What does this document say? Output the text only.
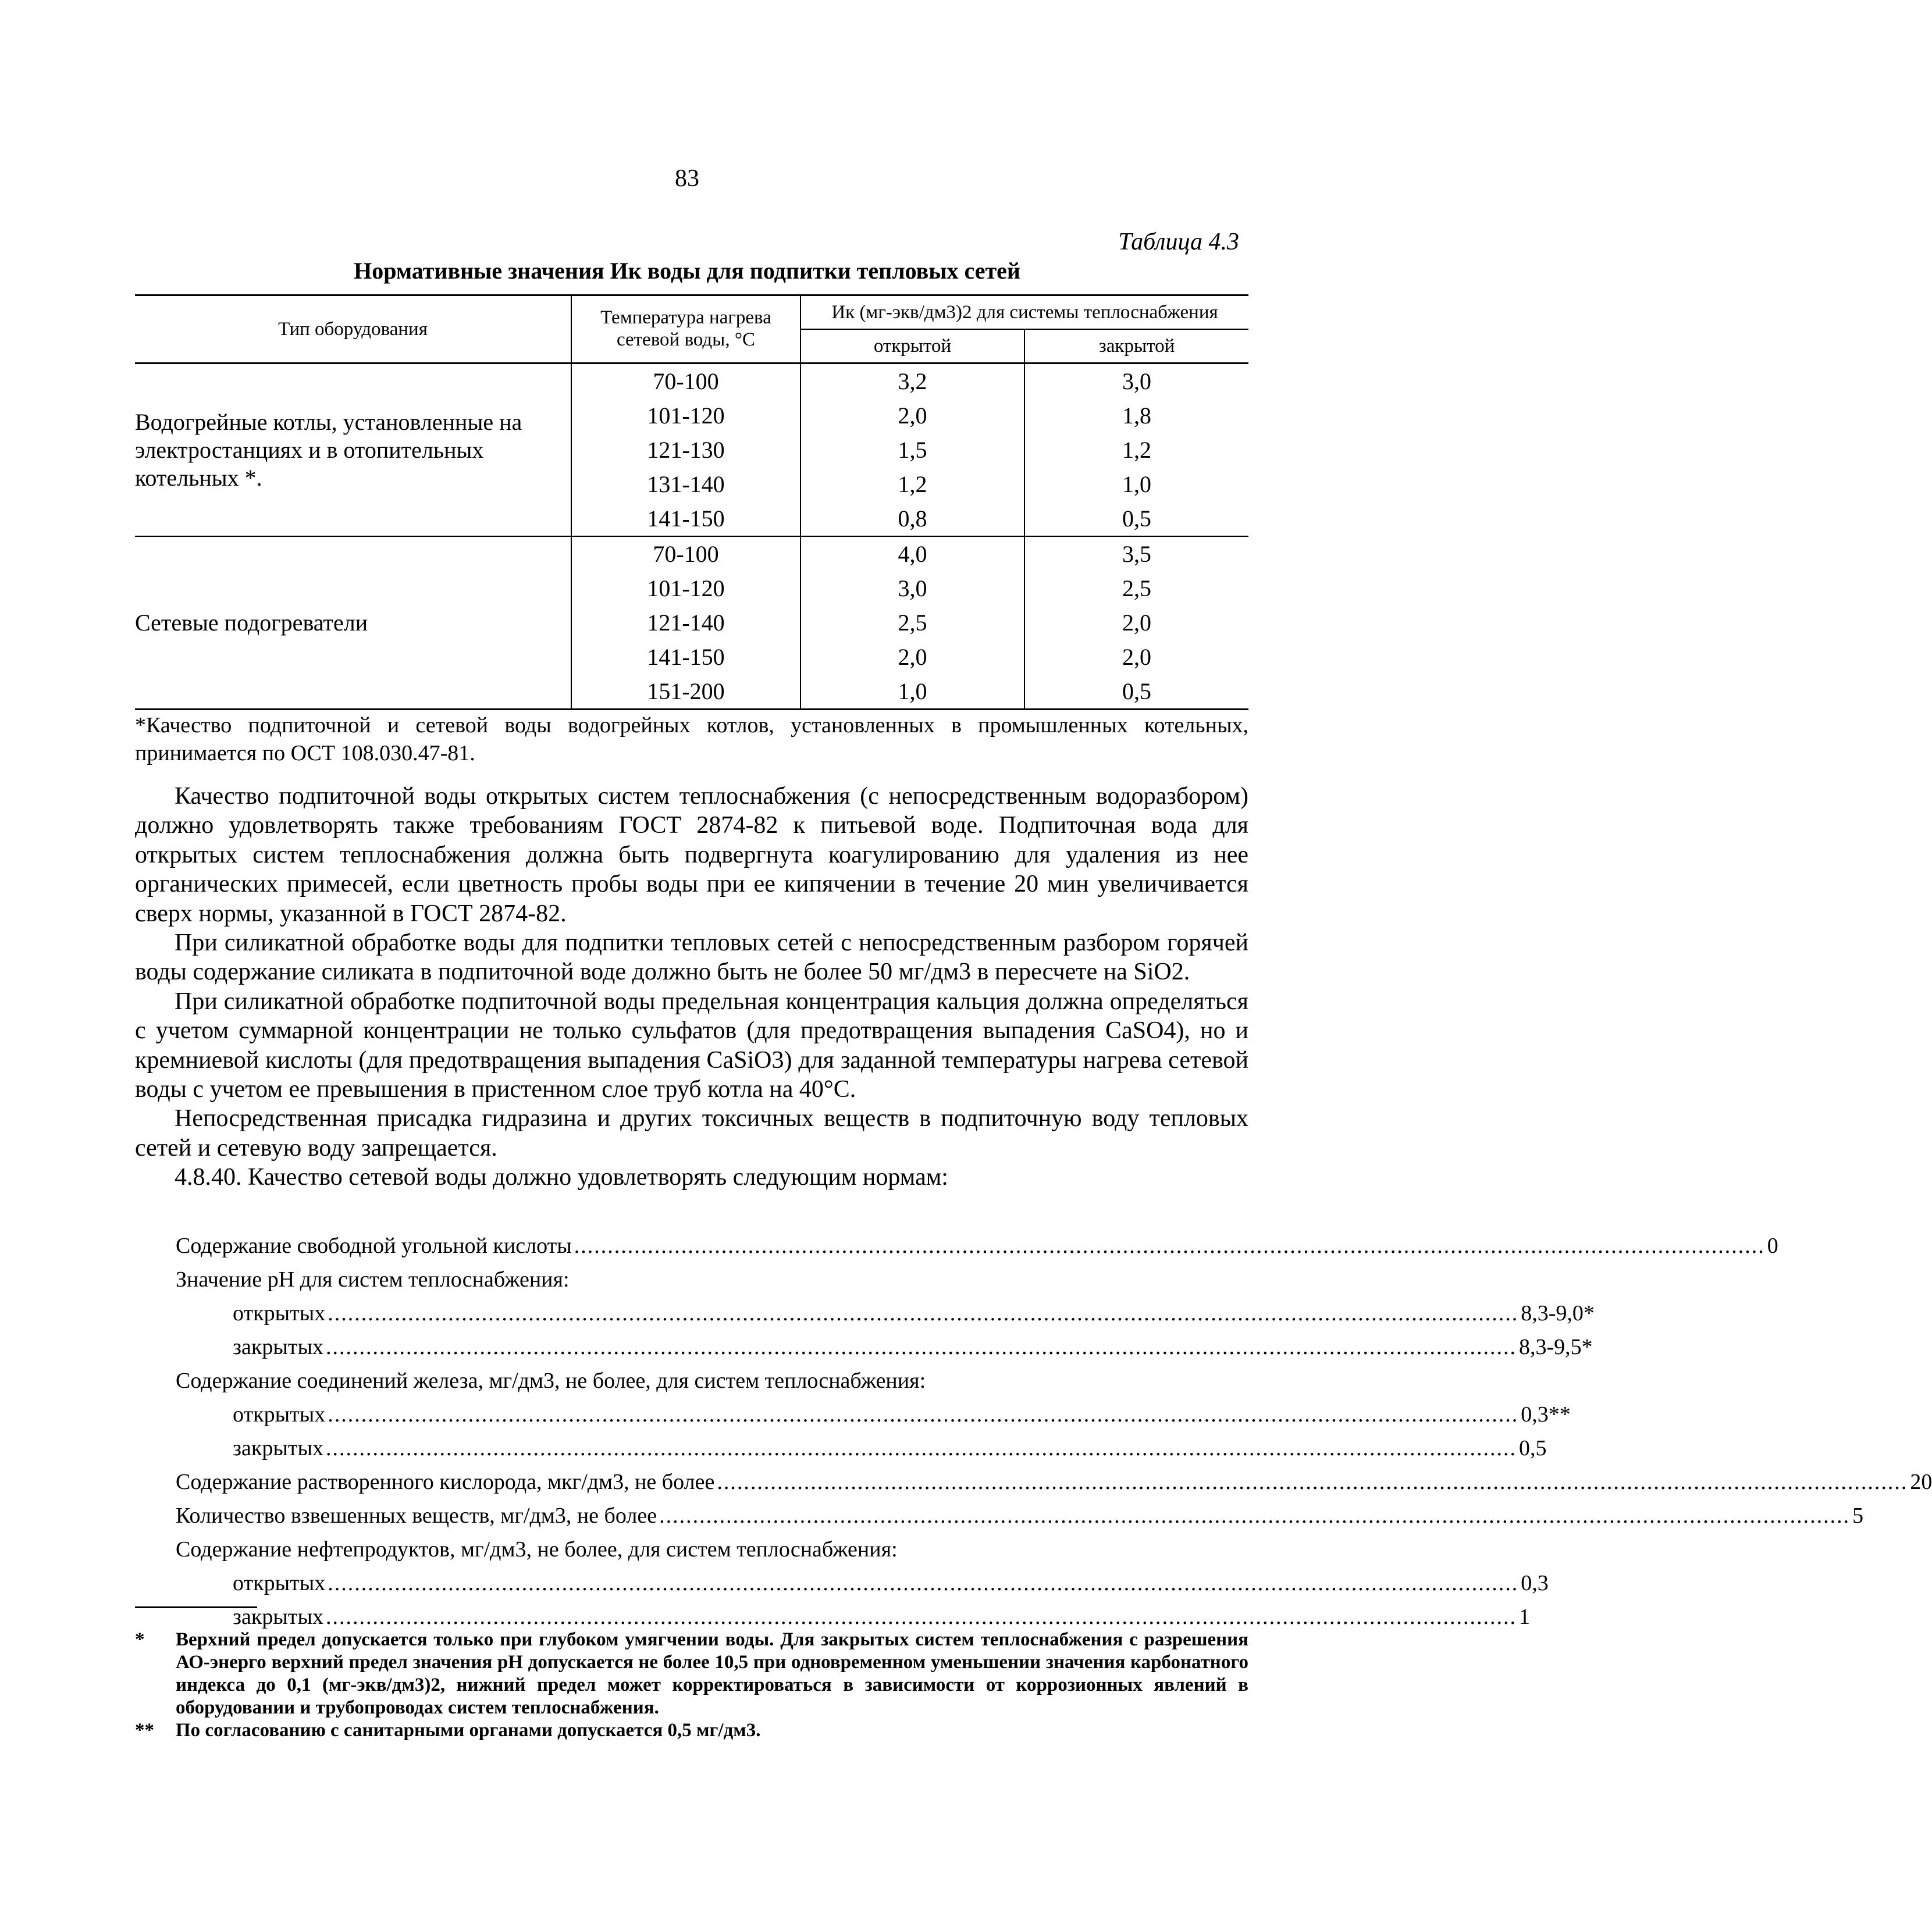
83
Таблица 4.3
Нормативные значения Ик воды для подпитки тепловых сетей
Тип оборудования	Температура нагрева сетевой воды, °С	Ик (мг-экв/дм3)2 для системы теплоснабжения	
		открытой	закрытой
Водогрейные котлы, установленные на электростанциях и в отопительных котельных *.	70-100	3,2	3,0
	101-120	2,0	1,8
	121-130	1,5	1,2
	131-140	1,2	1,0
	141-150	0,8	0,5
Сетевые подогреватели	70-100	4,0	3,5
	101-120	3,0	2,5
	121-140	2,5	2,0
	141-150	2,0	2,0
	151-200	1,0	0,5
*Качество подпиточной и сетевой воды водогрейных котлов, установленных в промышленных котельных, принимается по ОСТ 108.030.47-81.

Качество подпиточной воды открытых систем теплоснабжения (с непосредственным водоразбором) должно удовлетворять также требованиям ГОСТ 2874-82 к питьевой воде. Подпиточная вода для открытых систем теплоснабжения должна быть подвергнута коагулированию для удаления из нее органических примесей, если цветность пробы воды при ее кипячении в течение 20 мин увеличивается сверх нормы, указанной в ГОСТ 2874-82.

При силикатной обработке воды для подпитки тепловых сетей с непосредственным разбором горячей воды содержание силиката в подпиточной воде должно быть не более 50 мг/дм3 в пересчете на SiO2.

При силикатной обработке подпиточной воды предельная концентрация кальция должна определяться с учетом суммарной концентрации не только сульфатов (для предотвращения выпадения CaSO4), но и кремниевой кислоты (для предотвращения выпадения CaSiO3) для заданной температуры нагрева сетевой воды с учетом ее превышения в пристенном слое труб котла на 40°С.

Непосредственная присадка гидразина и других токсичных веществ в подпиточную воду тепловых сетей и сетевую воду запрещается.

4.8.40. Качество сетевой воды должно удовлетворять следующим нормам:

Содержание свободной угольной кислоты .................................................................................................................................................................................. 0
Значение рН для систем теплоснабжения:
открытых .................................................................................................................................................................................. 8,3-9,0*
закрытых .................................................................................................................................................................................. 8,3-9,5*
Содержание соединений железа, мг/дм3, не более, для систем теплоснабжения:
открытых .................................................................................................................................................................................. 0,3**
закрытых .................................................................................................................................................................................. 0,5
Содержание растворенного кислорода, мкг/дм3, не более .................................................................................................................................................................................. 20
Количество взвешенных веществ, мг/дм3, не более .................................................................................................................................................................................. 5
Содержание нефтепродуктов, мг/дм3, не более, для систем теплоснабжения:
открытых .................................................................................................................................................................................. 0,3
закрытых .................................................................................................................................................................................. 1
*	Верхний предел допускается только при глубоком умягчении воды. Для закрытых систем теплоснабжения с разрешения АО-энерго верхний предел значения рН допускается не более 10,5 при одновременном уменьшении значения карбонатного индекса до 0,1 (мг-экв/дм3)2, нижний предел может корректироваться в зависимости от коррозионных явлений в оборудовании и трубопроводах систем теплоснабжения.
**	По согласованию с санитарными органами допускается 0,5 мг/дм3.
